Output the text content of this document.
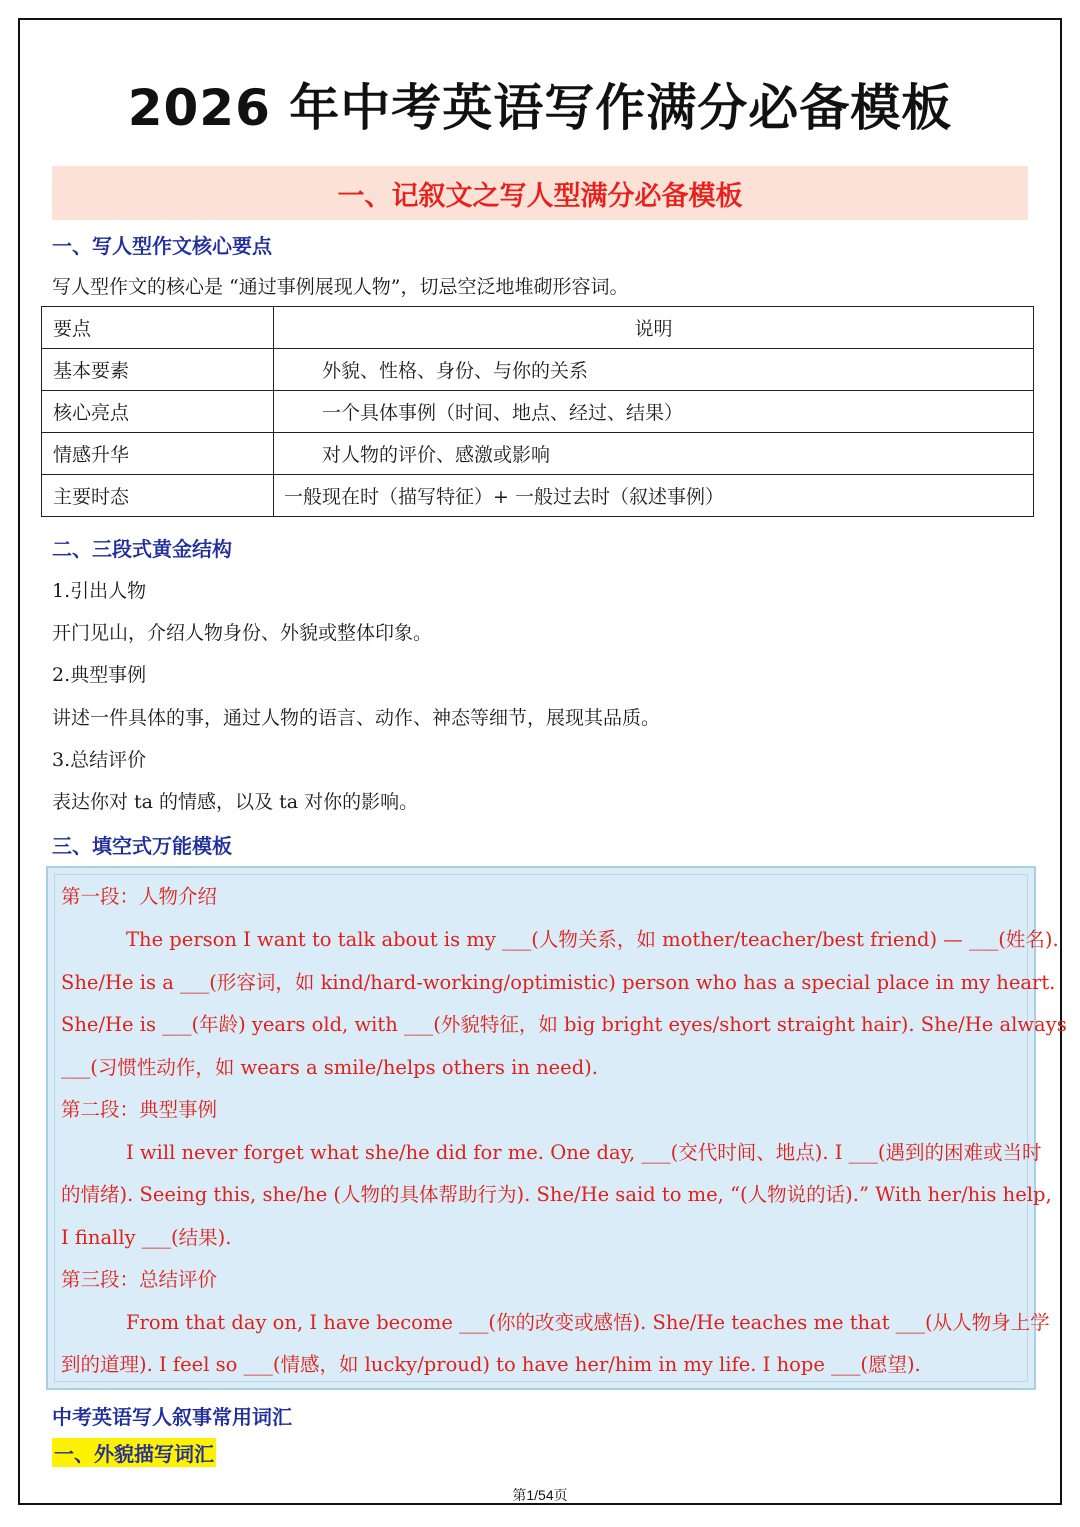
2026 年中考英语写作满分必备模板
一、记叙文之写人型满分必备模板
一、写人型作文核心要点

写人型作文的核心是 “通过事例展现人物”，切忌空泛地堆砌形容词。

要点	说明
基本要素	外貌、性格、身份、与你的关系
核心亮点	一个具体事例（时间、地点、经过、结果）
情感升华	对人物的评价、感激或影响
主要时态	一般现在时（描写特征）+ 一般过去时（叙述事例）
二、三段式黄金结构

1.引出人物

开门见山，介绍人物身份、外貌或整体印象。

2.典型事例

讲述一件具体的事，通过人物的语言、动作、神态等细节，展现其品质。

3.总结评价

表达你对 ta 的情感，以及 ta 对你的影响。

三、填空式万能模板

第一段：人物介绍

The person I want to talk about is my ___(人物关系，如 mother/teacher/best friend) — ___(姓名).

She/He is a ___(形容词，如 kind/hard-working/optimistic) person who has a special place in my heart.

She/He is ___(年龄) years old, with ___(外貌特征，如 big bright eyes/short straight hair). She/He always

___(习惯性动作，如 wears a smile/helps others in need).

第二段：典型事例

I will never forget what she/he did for me. One day, ___(交代时间、地点). I ___(遇到的困难或当时

的情绪). Seeing this, she/he (人物的具体帮助行为). She/He said to me, “(人物说的话).” With her/his help,

I finally ___(结果).

第三段：总结评价

From that day on, I have become ___(你的改变或感悟). She/He teaches me that ___(从人物身上学

到的道理). I feel so ___(情感，如 lucky/proud) to have her/him in my life. I hope ___(愿望).

中考英语写人叙事常用词汇
一、外貌描写词汇
第1/54页
